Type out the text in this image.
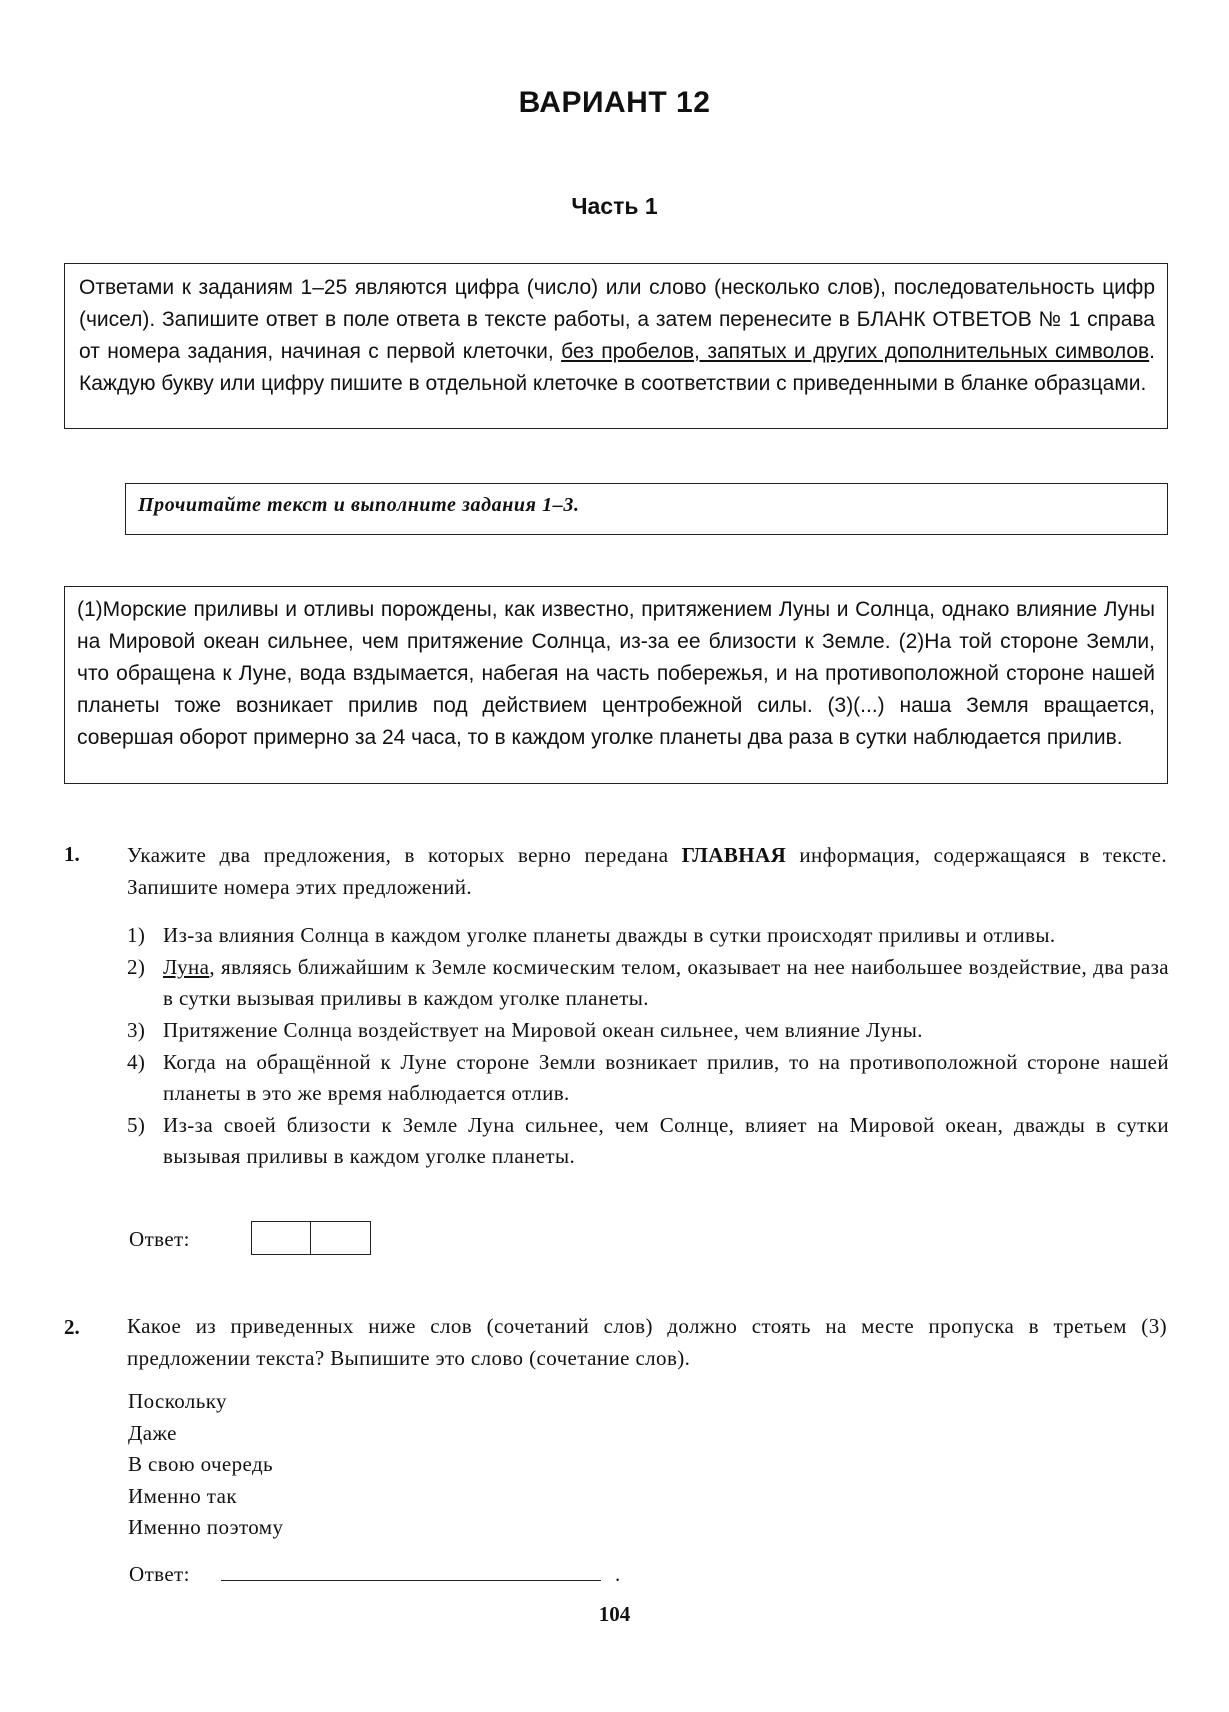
ВАРИАНТ 12
Часть 1
Ответами к заданиям 1–25 являются цифра (число) или слово (несколько слов), последовательность цифр (чисел). Запишите ответ в поле ответа в тексте работы, а затем перенесите в БЛАНК ОТВЕТОВ № 1 справа от номера задания, начиная с первой клеточки, без пробелов, запятых и других дополнительных символов. Каждую букву или цифру пишите в отдельной клеточке в соответствии с приведенными в бланке образцами.
Прочитайте текст и выполните задания 1–3.
(1)Морские приливы и отливы порождены, как известно, притяжением Луны и Солнца, однако влияние Луны на Мировой океан сильнее, чем притяжение Солнца, из-за ее близости к Земле. (2)На той стороне Земли, что обращена к Луне, вода вздымается, набегая на часть побережья, и на противоположной стороне нашей планеты тоже возникает прилив под действием центробежной силы. (3)(...) наша Земля вращается, совершая оборот примерно за 24 часа, то в каждом уголке планеты два раза в сутки наблюдается прилив.
1. Укажите два предложения, в которых верно передана ГЛАВНАЯ информация, содержащаяся в тексте. Запишите номера этих предложений.
1) Из-за влияния Солнца в каждом уголке планеты дважды в сутки происходят приливы и отливы.
2) Луна, являясь ближайшим к Земле космическим телом, оказывает на нее наибольшее воздействие, два раза в сутки вызывая приливы в каждом уголке планеты.
3) Притяжение Солнца воздействует на Мировой океан сильнее, чем влияние Луны.
4) Когда на обращённой к Луне стороне Земли возникает прилив, то на противоположной стороне нашей планеты в это же время наблюдается отлив.
5) Из-за своей близости к Земле Луна сильнее, чем Солнце, влияет на Мировой океан, дважды в сутки вызывая приливы в каждом уголке планеты.
Ответ:
2. Какое из приведенных ниже слов (сочетаний слов) должно стоять на месте пропуска в третьем (3) предложении текста? Выпишите это слово (сочетание слов).
Поскольку
Даже
В свою очередь
Именно так
Именно поэтому
Ответ:	.
104
